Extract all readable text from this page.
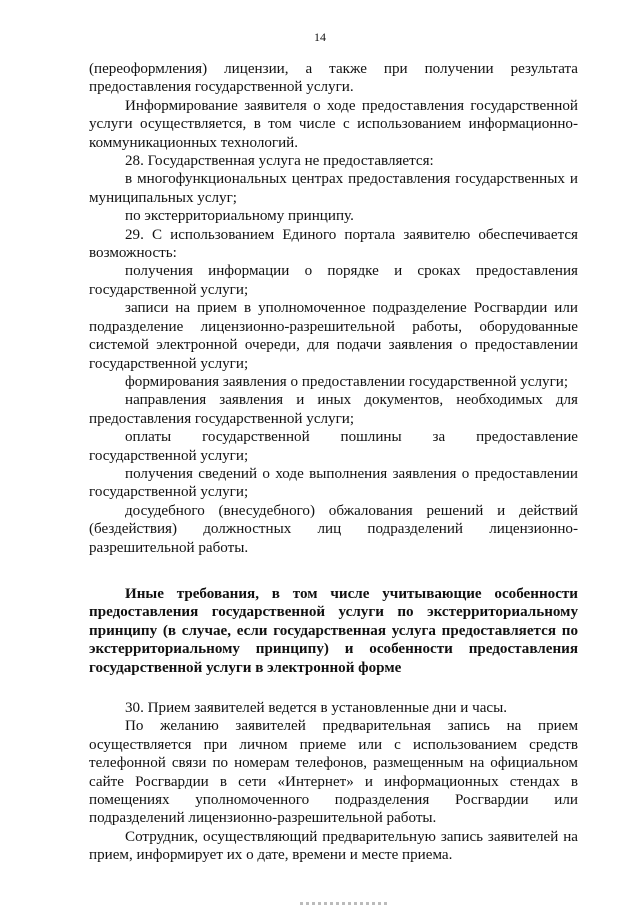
14

(переоформления) лицензии, а также при получении результата предоставления государственной услуги.

Информирование заявителя о ходе предоставления государственной услуги осуществляется, в том числе с использованием информационно-коммуникационных технологий.

28. Государственная услуга не предоставляется:

в многофункциональных центрах предоставления государственных и муниципальных услуг;

по экстерриториальному принципу.

29. С использованием Единого портала заявителю обеспечивается возможность:

получения информации о порядке и сроках предоставления государственной услуги;

записи на прием в уполномоченное подразделение Росгвардии или подразделение лицензионно-разрешительной работы, оборудованные системой электронной очереди, для подачи заявления о предоставлении государственной услуги;

формирования заявления о предоставлении государственной услуги;

направления заявления и иных документов, необходимых для предоставления государственной услуги;

оплаты государственной пошлины за предоставление государственной услуги;

получения сведений о ходе выполнения заявления о предоставлении государственной услуги;

досудебного (внесудебного) обжалования решений и действий (бездействия) должностных лиц подразделений лицензионно-разрешительной работы.

Иные требования, в том числе учитывающие особенности предоставления государственной услуги по экстерриториальному принципу (в случае, если государственная услуга предоставляется по экстерриториальному принципу) и особенности предоставления государственной услуги в электронной форме

30. Прием заявителей ведется в установленные дни и часы.

По желанию заявителей предварительная запись на прием осуществляется при личном приеме или с использованием средств телефонной связи по номерам телефонов, размещенным на официальном сайте Росгвардии в сети «Интернет» и информационных стендах в помещениях уполномоченного подразделения Росгвардии или подразделений лицензионно-разрешительной работы.

Сотрудник, осуществляющий предварительную запись заявителей на прием, информирует их о дате, времени и месте приема.
